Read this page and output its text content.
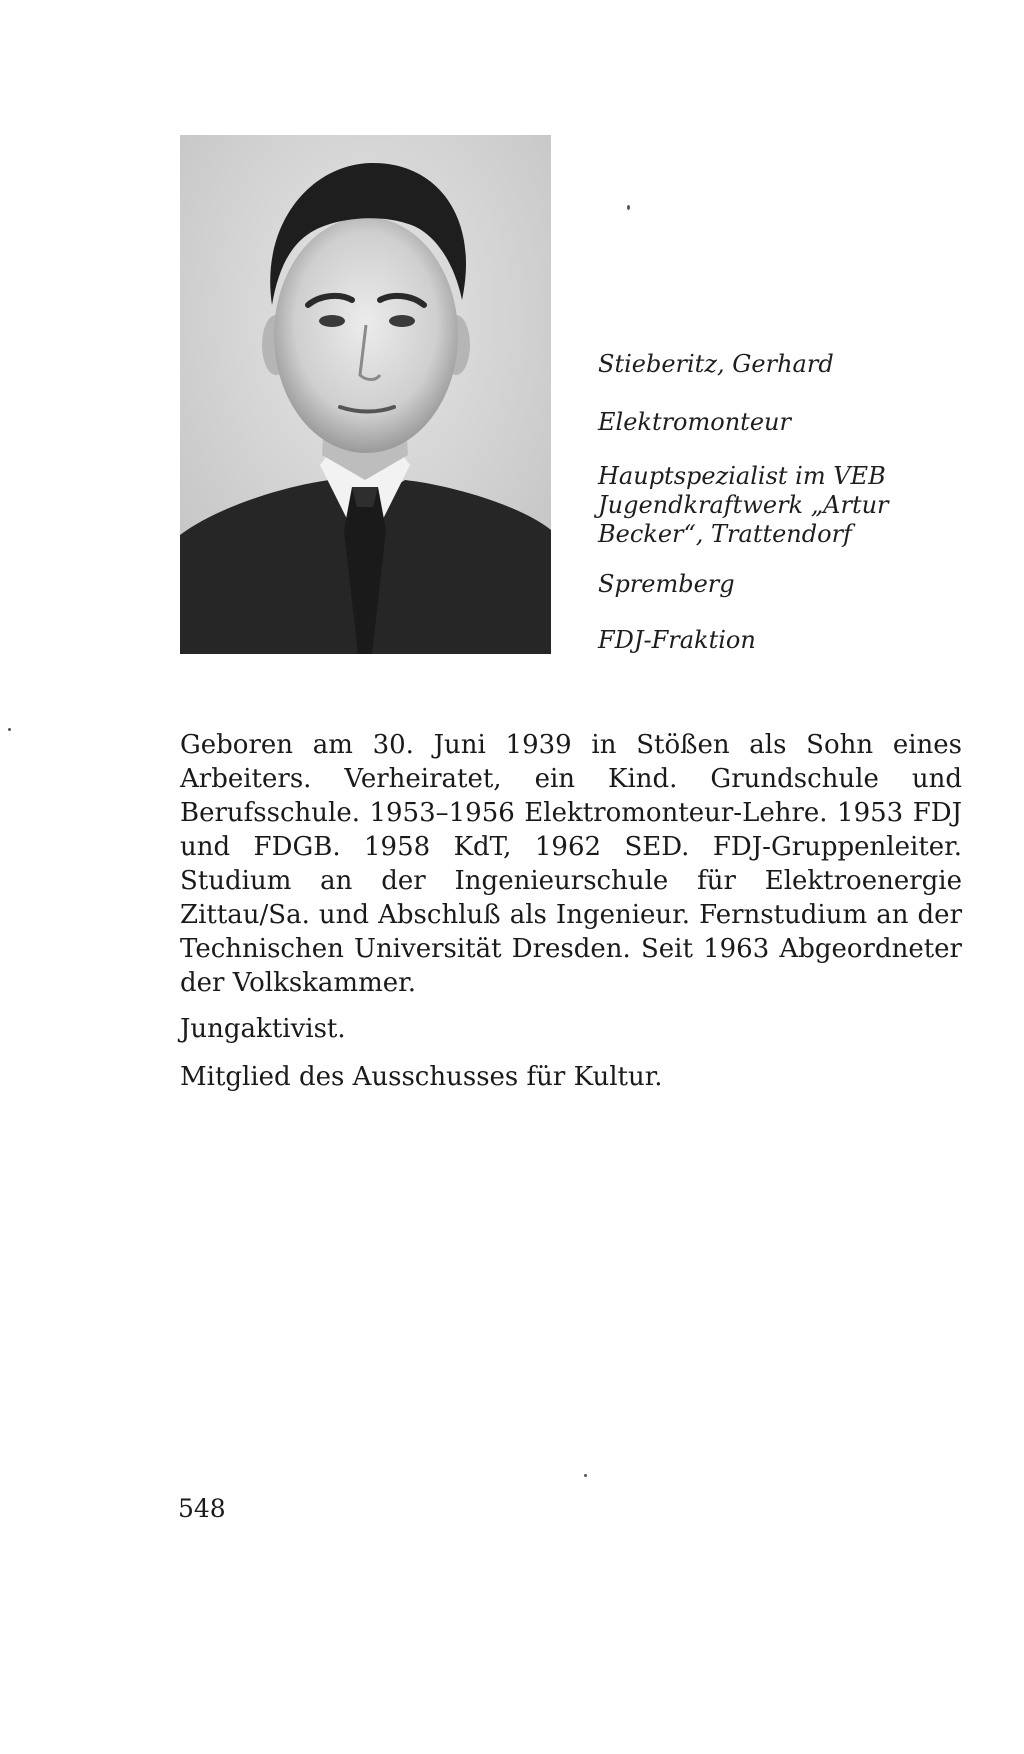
Stieberitz, Gerhard

Elektromonteur

Hauptspezialist im VEB Jugendkraftwerk „Artur Becker“, Trattendorf

Spremberg

FDJ-Fraktion

Geboren am 30. Juni 1939 in Stößen als Sohn eines Arbeiters. Verheiratet, ein Kind. Grundschule und Berufsschule. 1953–1956 Elektromonteur-Lehre. 1953 FDJ und FDGB. 1958 KdT, 1962 SED. FDJ-Gruppenleiter. Studium an der Ingenieurschule für Elektroenergie Zittau/Sa. und Abschluß als Ingenieur. Fernstudium an der Technischen Universität Dresden. Seit 1963 Abgeordneter der Volkskammer.

Jungaktivist.

Mitglied des Ausschusses für Kultur.

548
